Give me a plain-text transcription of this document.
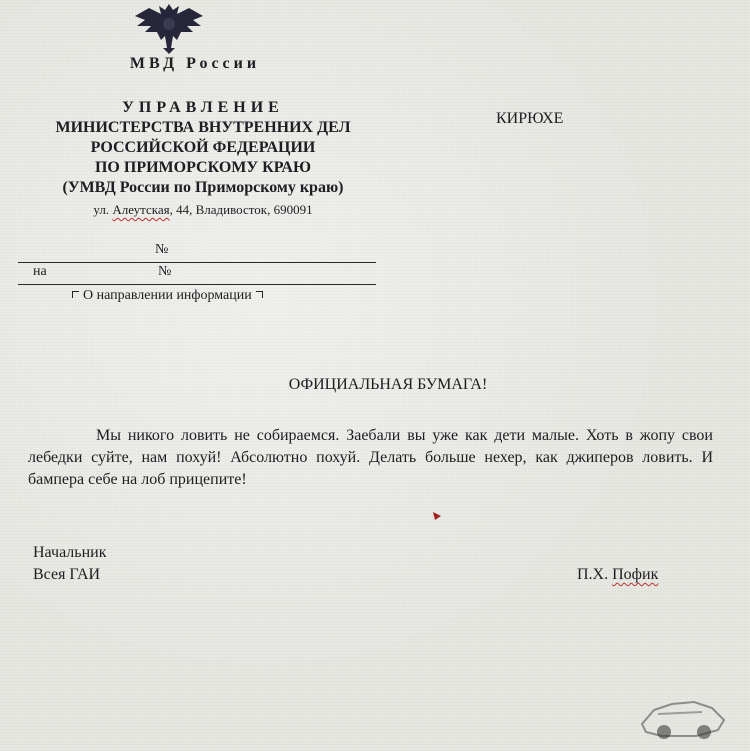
МВД России
УПРАВЛЕНИЕ
МИНИСТЕРСТВА ВНУТРЕННИХ ДЕЛ
РОССИЙСКОЙ ФЕДЕРАЦИИ
ПО ПРИМОРСКОМУ КРАЮ
(УМВД России по Приморскому краю)
ул. Алеутская, 44, Владивосток, 690091
КИРЮХЕ
№
на	№
О направлении информации
ОФИЦИАЛЬНАЯ БУМАГА!
Мы никого ловить не собираемся. Заебали вы уже как дети малые. Хоть в жопу свои лебедки суйте, нам похуй! Абсолютно похуй. Делать больше нехер, как джиперов ловить. И бампера себе на лоб прицепите!
Начальник
Всея ГАИ	П.Х. Пофик
